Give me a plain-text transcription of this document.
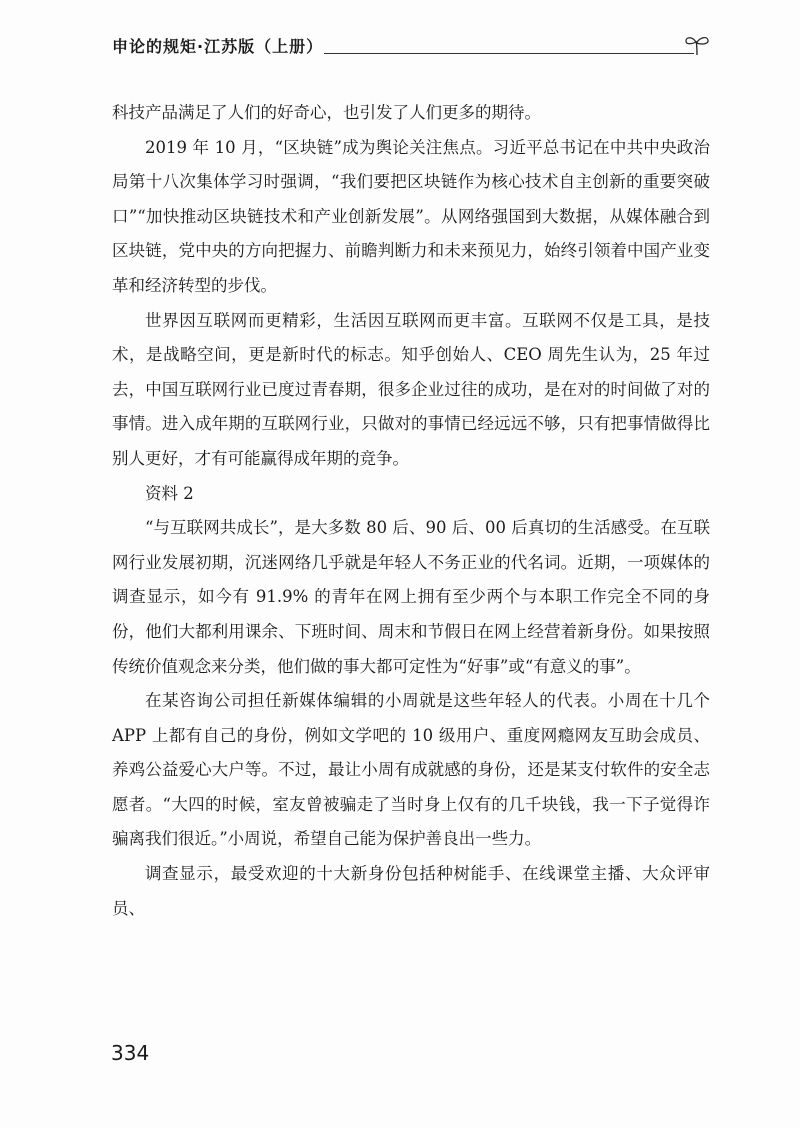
申论的规矩·江苏版（上册）

科技产品满足了人们的好奇心，也引发了人们更多的期待。

2019 年 10 月，“区块链”成为舆论关注焦点。习近平总书记在中共中央政治局第十八次集体学习时强调，“我们要把区块链作为核心技术自主创新的重要突破口”“加快推动区块链技术和产业创新发展”。从网络强国到大数据，从媒体融合到区块链，党中央的方向把握力、前瞻判断力和未来预见力，始终引领着中国产业变革和经济转型的步伐。

世界因互联网而更精彩，生活因互联网而更丰富。互联网不仅是工具，是技术，是战略空间，更是新时代的标志。知乎创始人、CEO 周先生认为，25 年过去，中国互联网行业已度过青春期，很多企业过往的成功，是在对的时间做了对的事情。进入成年期的互联网行业，只做对的事情已经远远不够，只有把事情做得比别人更好，才有可能赢得成年期的竞争。

资料 2

“与互联网共成长”，是大多数 80 后、90 后、00 后真切的生活感受。在互联网行业发展初期，沉迷网络几乎就是年轻人不务正业的代名词。近期，一项媒体的调查显示，如今有 91.9% 的青年在网上拥有至少两个与本职工作完全不同的身份，他们大都利用课余、下班时间、周末和节假日在网上经营着新身份。如果按照传统价值观念来分类，他们做的事大都可定性为“好事”或“有意义的事”。

在某咨询公司担任新媒体编辑的小周就是这些年轻人的代表。小周在十几个 APP 上都有自己的身份，例如文学吧的 10 级用户、重度网瘾网友互助会成员、养鸡公益爱心大户等。不过，最让小周有成就感的身份，还是某支付软件的安全志愿者。“大四的时候，室友曾被骗走了当时身上仅有的几千块钱，我一下子觉得诈骗离我们很近。”小周说，希望自己能为保护善良出一些力。

调查显示，最受欢迎的十大新身份包括种树能手、在线课堂主播、大众评审员、

334
